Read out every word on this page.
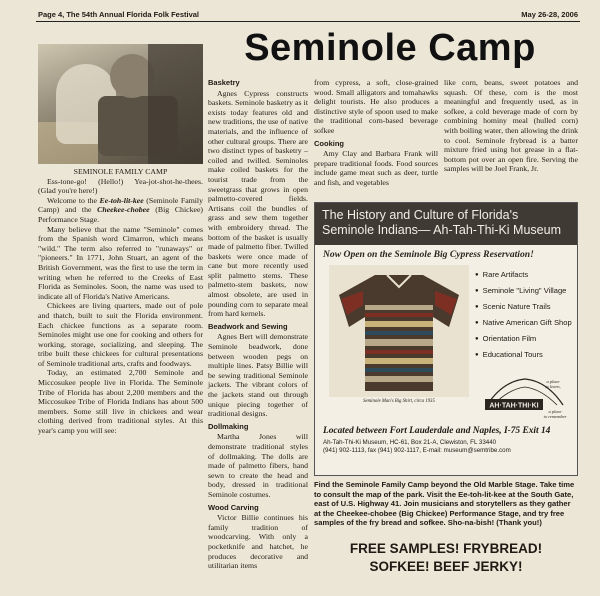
Page 4, The 54th Annual Florida Folk Festival	May 26-28, 2006
Seminole Camp

SEMINOLE FAMILY CAMP

Ess-tone-go! (Hello!) Yea-jot-shot-he-thees. (Glad you're here!)

Welcome to the Ee-toh-lit-kee (Seminole Family Camp) and the Cheekee-chobee (Big Chickee) Performance Stage.

Many believe that the name "Seminole" comes from the Spanish word Cimarron, which means "wild." The term also referred to "runaways" or "pioneers." In 1771, John Stuart, an agent of the British Government, was the first to use the term in writing when he referred to the Creeks of East Florida as Seminoles. Soon, the name was used to indicate all of Florida's Native Americans.

Chickees are living quarters, made out of pole and thatch, built to suit the Florida environment. Each chickee functions as a separate room. Seminoles might use one for cooking and others for working, storage, socializing, and sleeping. The tribe built these chickees for cultural presentations of Seminole traditional arts, crafts and foodways.

Today, an estimated 2,700 Seminole and Miccosukee people live in Florida. The Seminole Tribe of Florida has about 2,200 members and the Miccosukee Tribe of Florida Indians has about 500 members. Some still live in chickees and wear clothing derived from traditional styles. At this year's camp you will see:

Basketry

Agnes Cypress constructs baskets. Seminole basketry as it exists today features old and new traditions, the use of native materials, and the influence of other cultural groups. There are two distinct types of basketry – coiled and twilled. Seminoles make coiled baskets for the tourist trade from the sweetgrass that grows in open palmetto-covered fields. Artisans coil the bundles of grass and sew them together with embroidery thread. The bottom of the basket is usually made of palmetto fiber. Twilled baskets were once made of cane but more recently used split palmetto stems. These palmetto-stem baskets, now almost obsolete, are used in pounding corn to separate meal from hard kernels.

Beadwork and Sewing

Agnes Bert will demonstrate Seminole beadwork, done between wooden pegs on multiple lines. Patsy Billie will be sewing traditional Seminole jackets. The vibrant colors of the jackets stand out through unique piecing together of traditional designs.

Dollmaking

Martha Jones will demonstrate traditional styles of dollmaking. The dolls are made of palmetto fibers, hand sewn to create the head and body, dressed in traditional Seminole costumes.

Wood Carving

Victor Billie continues his family tradition of woodcarving. With only a pocketknife and hatchet, he produces decorative and utilitarian items

from cypress, a soft, close-grained wood. Small alligators and tomahawks delight tourists. He also produces a distinctive style of spoon used to make the traditional corn-based beverage sofkee

Cooking

Amy Clay and Barbara Frank will prepare traditional foods. Food sources include game meat such as deer, turtle and fish, and vegetables

like corn, beans, sweet potatoes and squash. Of these, corn is the most meaningful and frequently used, as in sofkee, a cold beverage made of corn by combining hominy meal (hulled corn) with boiling water, then allowing the drink to cool. Seminole frybread is a batter mixture fried using hot grease in a flat-bottom pot over an open fire. Serving the samples will be Joel Frank, Jr.

The History and Culture of Florida's
Seminole Indians— Ah-Tah-Thi-Ki Museum
Now Open on the Seminole Big Cypress Reservation!
Seminole Man's Big Shirt, circa 1935
● Rare Artifacts
● Seminole "Living" Village
● Scenic Nature Trails
● Native American Gift Shop
● Orientation Film
● Educational Tours
AH·TAH·THI·KI
a place
to learn,
a place
to remember
Located between Fort Lauderdale and Naples, I-75 Exit 14
Ah-Tah-Thi-Ki Museum, HC-61, Box 21-A, Clewiston, FL 33440
(941) 902-1113, fax (941) 902-1117, E-mail: museum@semtribe.com
Find the Seminole Family Camp beyond the Old Marble Stage. Take time to consult the map of the park. Visit the Ee-toh-lit-kee at the South Gate, east of U.S. Highway 41. Join musicians and storytellers as they gather at the Cheekee-chobee (Big Chickee) Performance Stage, and try free samples of the fry bread and sofkee. Sho-na-bish! (Thank you!)
FREE SAMPLES! FRYBREAD!
SOFKEE! BEEF JERKY!
